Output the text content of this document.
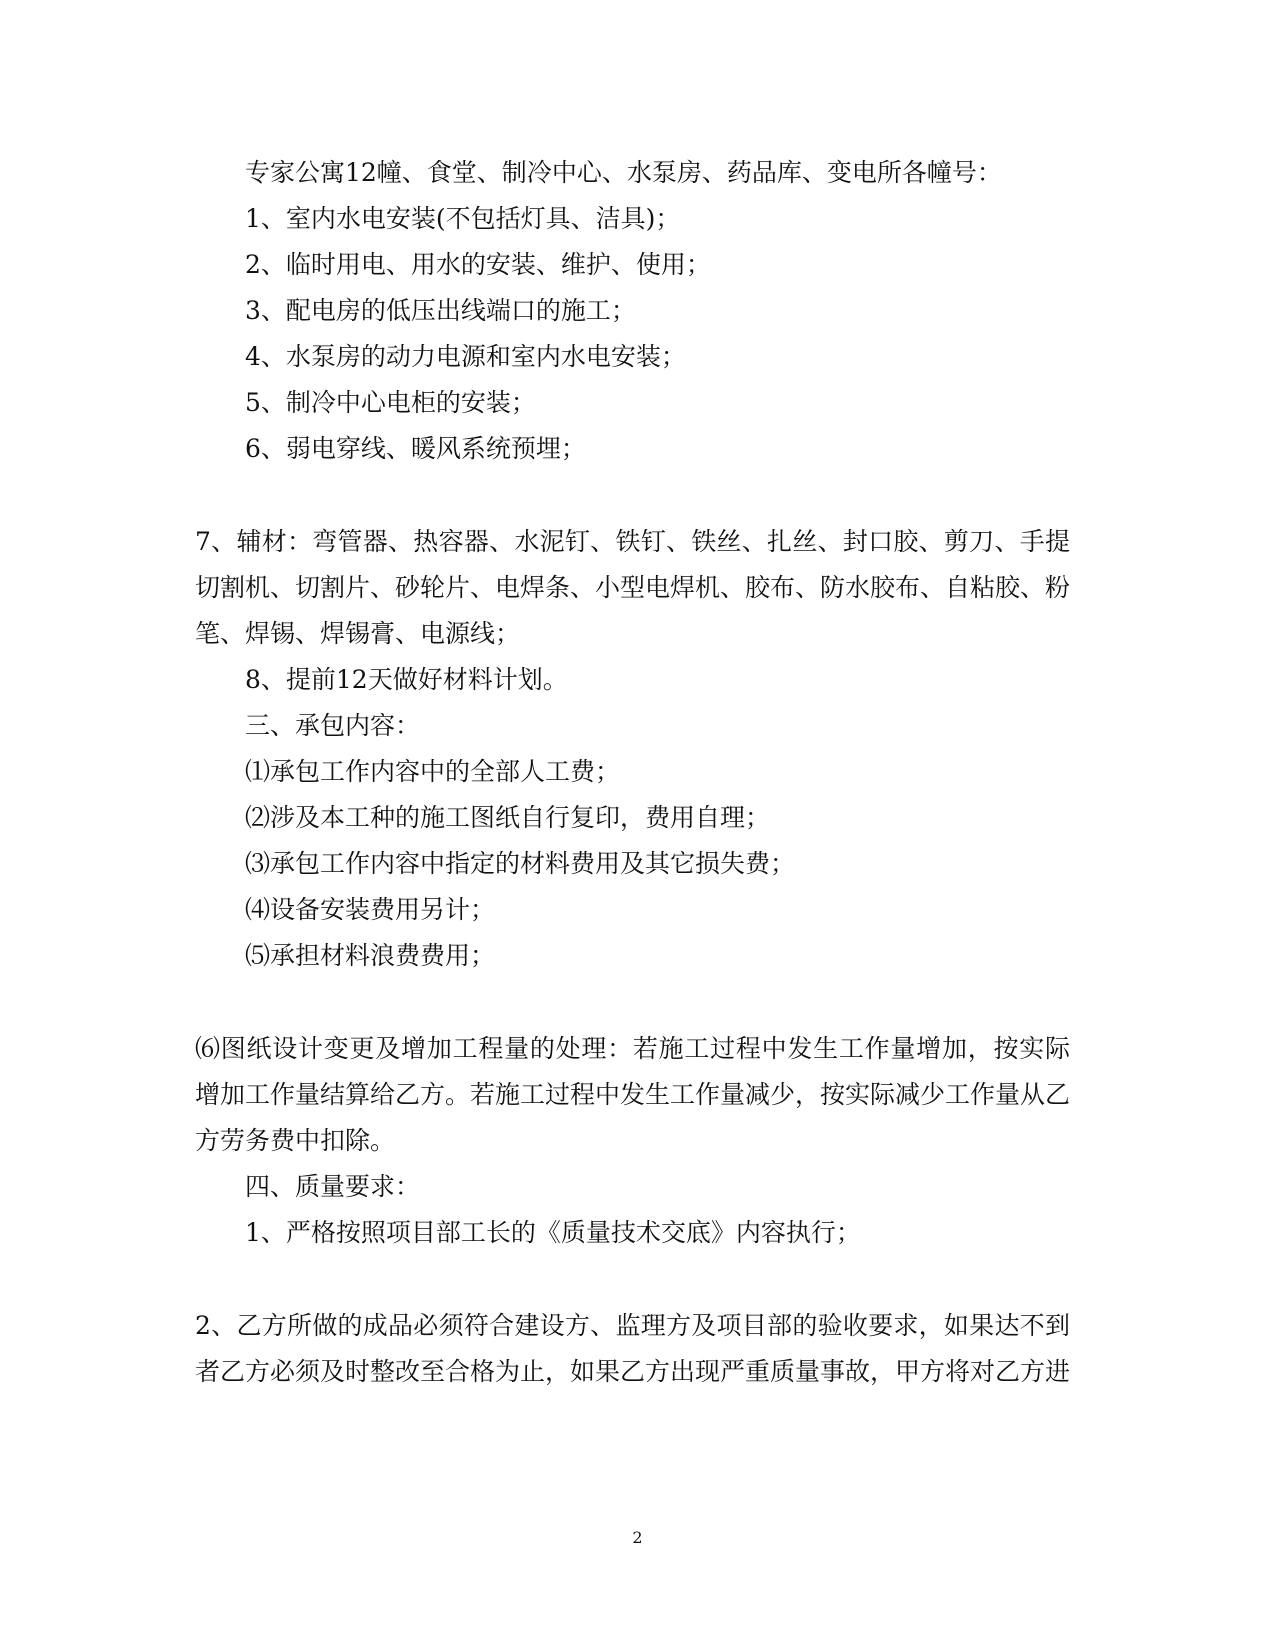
专家公寓12幢、食堂、制冷中心、水泵房、药品库、变电所各幢号：

1、室内水电安装(不包括灯具、洁具)；

2、临时用电、用水的安装、维护、使用；

3、配电房的低压出线端口的施工；

4、水泵房的动力电源和室内水电安装；

5、制冷中心电柜的安装；

6、弱电穿线、暖风系统预埋；

7、辅材：弯管器、热容器、水泥钉、铁钉、铁丝、扎丝、封口胶、剪刀、手提

切割机、切割片、砂轮片、电焊条、小型电焊机、胶布、防水胶布、自粘胶、粉

笔、焊锡、焊锡膏、电源线；

8、提前12天做好材料计划。

三、承包内容：

⑴承包工作内容中的全部人工费；

⑵涉及本工种的施工图纸自行复印，费用自理；

⑶承包工作内容中指定的材料费用及其它损失费；

⑷设备安装费用另计；

⑸承担材料浪费费用；

⑹图纸设计变更及增加工程量的处理：若施工过程中发生工作量增加，按实际

增加工作量结算给乙方。若施工过程中发生工作量减少，按实际减少工作量从乙

方劳务费中扣除。

四、质量要求：

1、严格按照项目部工长的《质量技术交底》内容执行；

2、乙方所做的成品必须符合建设方、监理方及项目部的验收要求，如果达不到

者乙方必须及时整改至合格为止，如果乙方出现严重质量事故，甲方将对乙方进

2
